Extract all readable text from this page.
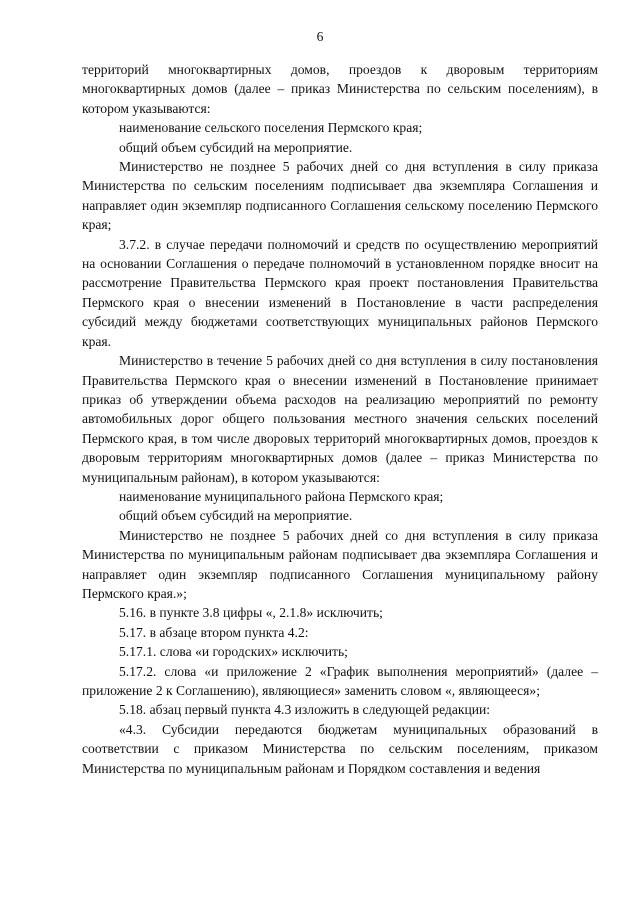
6

территорий многоквартирных домов, проездов к дворовым территориям многоквартирных домов (далее – приказ Министерства по сельским поселениям), в котором указываются:

наименование сельского поселения Пермского края;

общий объем субсидий на мероприятие.

Министерство не позднее 5 рабочих дней со дня вступления в силу приказа Министерства по сельским поселениям подписывает два экземпляра Соглашения и направляет один экземпляр подписанного Соглашения сельскому поселению Пермского края;

3.7.2. в случае передачи полномочий и средств по осуществлению мероприятий на основании Соглашения о передаче полномочий в установленном порядке вносит на рассмотрение Правительства Пермского края проект постановления Правительства Пермского края о внесении изменений в Постановление в части распределения субсидий между бюджетами соответствующих муниципальных районов Пермского края.

Министерство в течение 5 рабочих дней со дня вступления в силу постановления Правительства Пермского края о внесении изменений в Постановление принимает приказ об утверждении объема расходов на реализацию мероприятий по ремонту автомобильных дорог общего пользования местного значения сельских поселений Пермского края, в том числе дворовых территорий многоквартирных домов, проездов к дворовым территориям многоквартирных домов (далее – приказ Министерства по муниципальным районам), в котором указываются:

наименование муниципального района Пермского края;

общий объем субсидий на мероприятие.

Министерство не позднее 5 рабочих дней со дня вступления в силу приказа Министерства по муниципальным районам подписывает два экземпляра Соглашения и направляет один экземпляр подписанного Соглашения муниципальному району Пермского края.»;

5.16. в пункте 3.8 цифры «, 2.1.8» исключить;

5.17. в абзаце втором пункта 4.2:

5.17.1. слова «и городских» исключить;

5.17.2. слова «и приложение 2 «График выполнения мероприятий» (далее – приложение 2 к Соглашению), являющиеся» заменить словом «, являющееся»;

5.18. абзац первый пункта 4.3 изложить в следующей редакции:

«4.3. Субсидии передаются бюджетам муниципальных образований в соответствии с приказом Министерства по сельским поселениям, приказом Министерства по муниципальным районам и Порядком составления и ведения
